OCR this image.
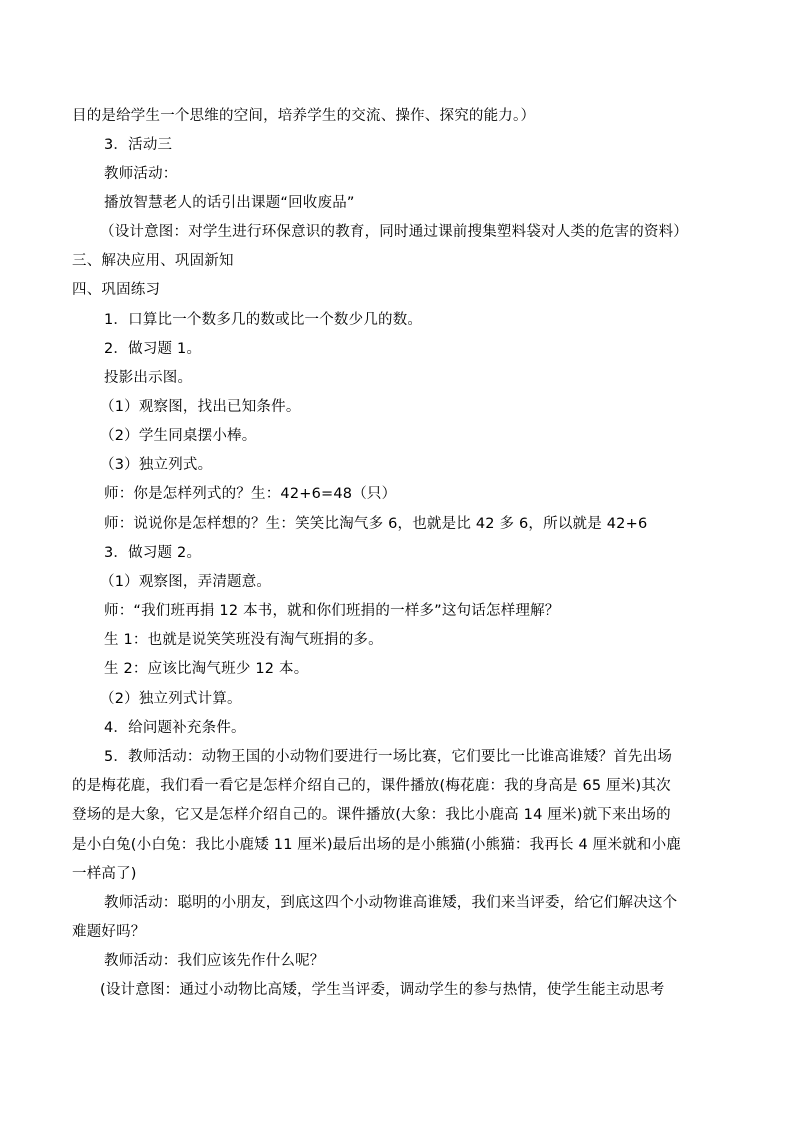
目的是给学生一个思维的空间，培养学生的交流、操作、探究的能力。）
3．活动三
教师活动：
播放智慧老人的话引出课题“回收废品”
（设计意图：对学生进行环保意识的教育，同时通过课前搜集塑料袋对人类的危害的资料）
三、解决应用、巩固新知
四、巩固练习
1．口算比一个数多几的数或比一个数少几的数。
2．做习题 1。
投影出示图。
（1）观察图，找出已知条件。
（2）学生同桌摆小棒。
（3）独立列式。
师：你是怎样列式的？生：42+6=48（只）
师：说说你是怎样想的？生：笑笑比淘气多 6，也就是比 42 多 6，所以就是 42+6
3．做习题 2。
（1）观察图，弄清题意。
师：“我们班再捐 12 本书，就和你们班捐的一样多”这句话怎样理解？
生 1：也就是说笑笑班没有淘气班捐的多。
生 2：应该比淘气班少 12 本。
（2）独立列式计算。
4．给问题补充条件。
5．教师活动：动物王国的小动物们要进行一场比赛，它们要比一比谁高谁矮？首先出场
的是梅花鹿，我们看一看它是怎样介绍自己的，课件播放(梅花鹿：我的身高是 65 厘米)其次
登场的是大象，它又是怎样介绍自己的。课件播放(大象：我比小鹿高 14 厘米)就下来出场的
是小白兔(小白兔：我比小鹿矮 11 厘米)最后出场的是小熊猫(小熊猫：我再长 4 厘米就和小鹿
一样高了)
教师活动：聪明的小朋友，到底这四个小动物谁高谁矮，我们来当评委，给它们解决这个
难题好吗？
教师活动：我们应该先作什么呢？
(设计意图：通过小动物比高矮，学生当评委，调动学生的参与热情，使学生能主动思考
